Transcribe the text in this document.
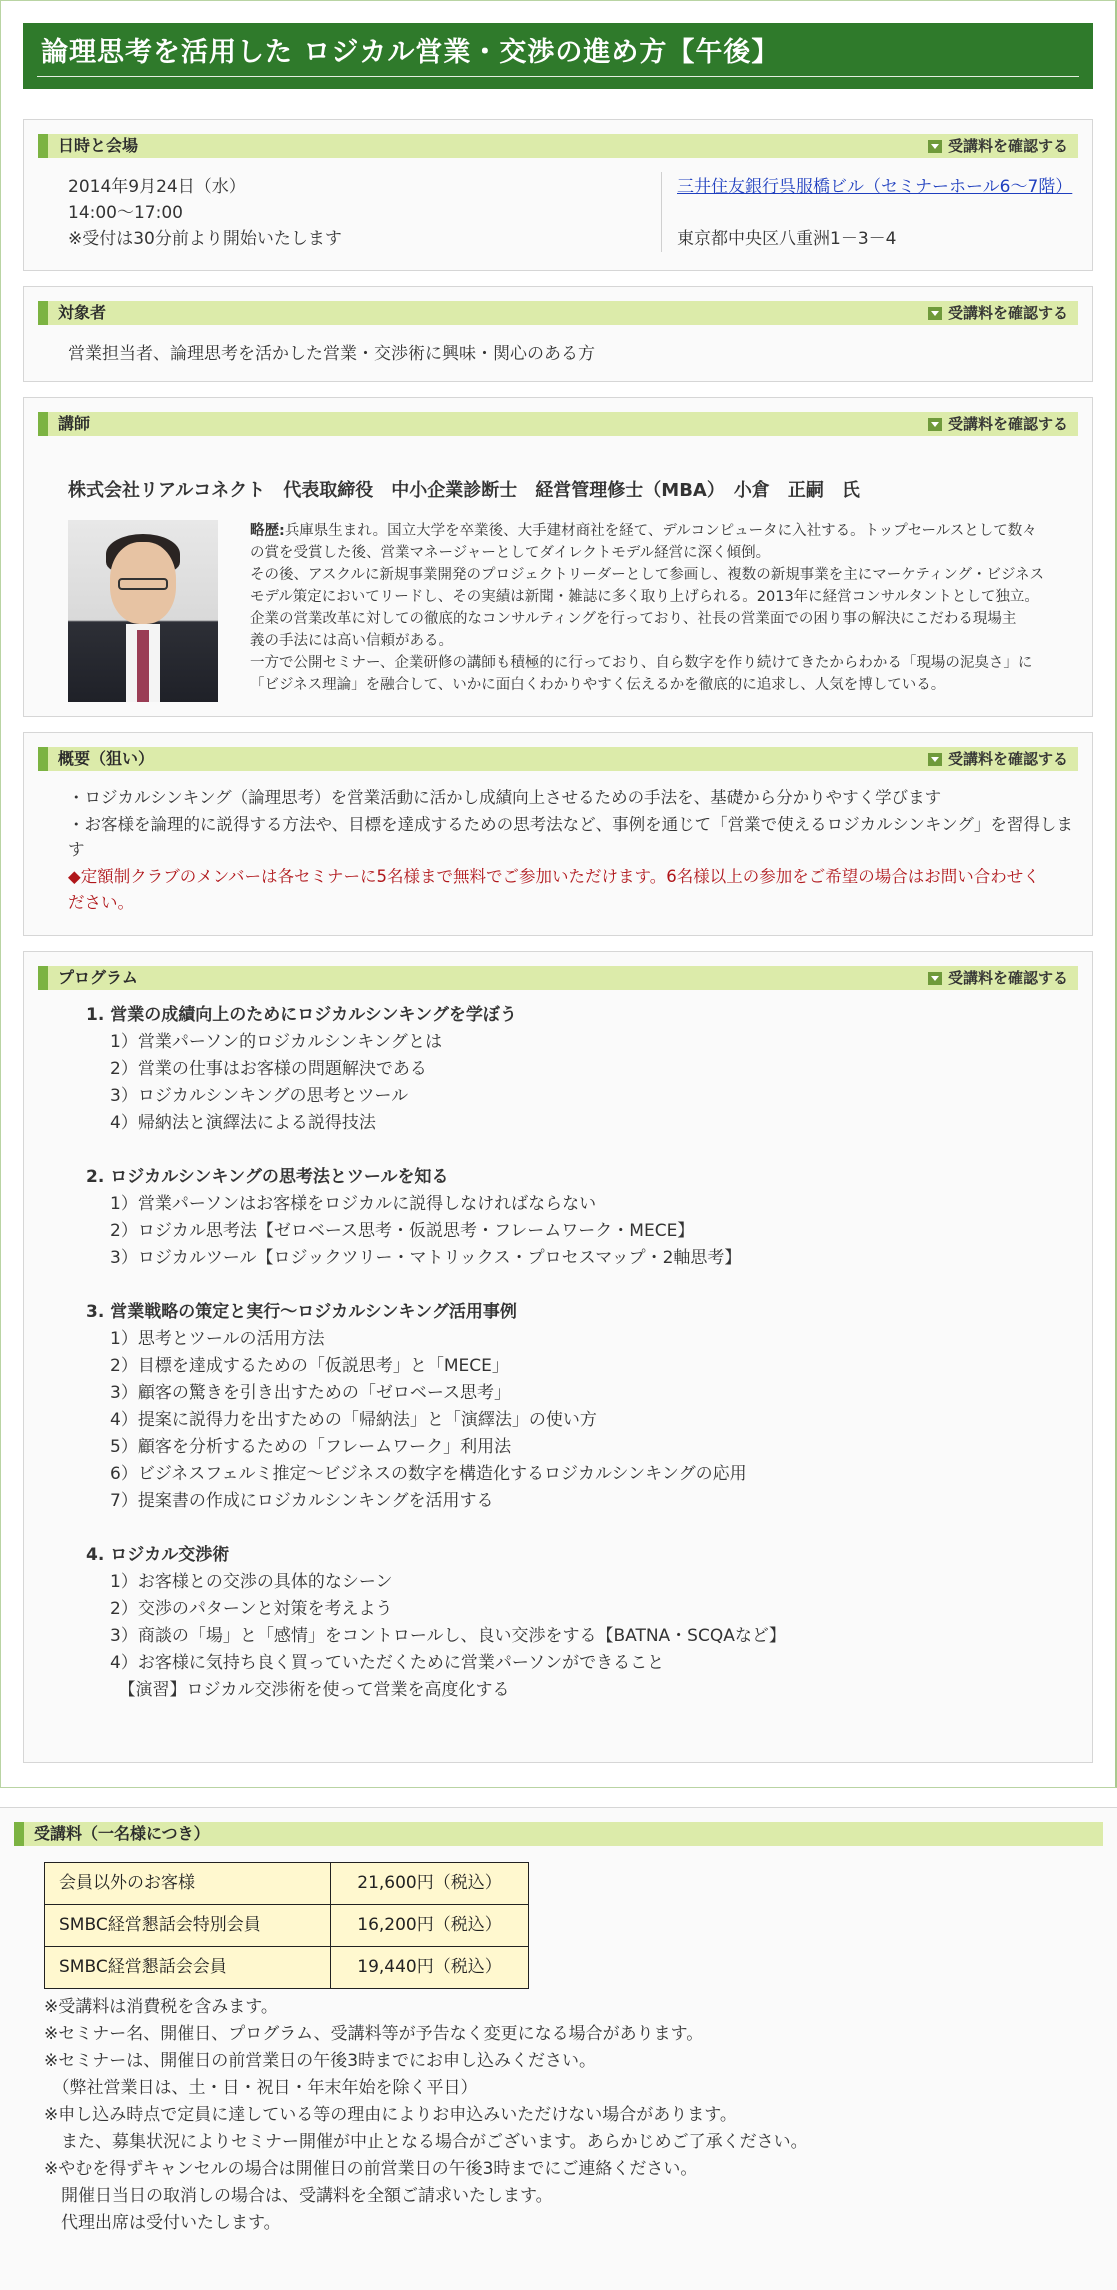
論理思考を活用した ロジカル営業・交渉の進め方【午後】
日時と会場	受講料を確認する
2014年9月24日（水）
14:00～17:00
※受付は30分前より開始いたします
三井住友銀行呉服橋ビル（セミナーホール6～7階）
東京都中央区八重洲1－3－4
対象者	受講料を確認する
営業担当者、論理思考を活かした営業・交渉術に興味・関心のある方
講師	受講料を確認する
株式会社リアルコネクト　代表取締役　中小企業診断士　経営管理修士（MBA）　小倉　正嗣　氏
略歴:兵庫県生まれ。国立大学を卒業後、大手建材商社を経て、デルコンピュータに入社する。トップセールスとして数々
の賞を受賞した後、営業マネージャーとしてダイレクトモデル経営に深く傾倒。
その後、アスクルに新規事業開発のプロジェクトリーダーとして参画し、複数の新規事業を主にマーケティング・ビジネス
モデル策定においてリードし、その実績は新聞・雑誌に多く取り上げられる。2013年に経営コンサルタントとして独立。
企業の営業改革に対しての徹底的なコンサルティングを行っており、社長の営業面での困り事の解決にこだわる現場主
義の手法には高い信頼がある。
一方で公開セミナー、企業研修の講師も積極的に行っており、自ら数字を作り続けてきたからわかる「現場の泥臭さ」に
「ビジネス理論」を融合して、いかに面白くわかりやすく伝えるかを徹底的に追求し、人気を博している。
概要（狙い）	受講料を確認する
・ロジカルシンキング（論理思考）を営業活動に活かし成績向上させるための手法を、基礎から分かりやすく学びます
・お客様を論理的に説得する方法や、目標を達成するための思考法など、事例を通じて「営業で使えるロジカルシンキング」を習得しま
す
◆定額制クラブのメンバーは各セミナーに5名様まで無料でご参加いただけます。6名様以上の参加をご希望の場合はお問い合わせく
ださい。
プログラム	受講料を確認する
1. 営業の成績向上のためにロジカルシンキングを学ぼう
1）営業パーソン的ロジカルシンキングとは
2）営業の仕事はお客様の問題解決である
3）ロジカルシンキングの思考とツール
4）帰納法と演繹法による説得技法
2. ロジカルシンキングの思考法とツールを知る
1）営業パーソンはお客様をロジカルに説得しなければならない
2）ロジカル思考法【ゼロベース思考・仮説思考・フレームワーク・MECE】
3）ロジカルツール【ロジックツリー・マトリックス・プロセスマップ・2軸思考】
3. 営業戦略の策定と実行～ロジカルシンキング活用事例
1）思考とツールの活用方法
2）目標を達成するための「仮説思考」と「MECE」
3）顧客の驚きを引き出すための「ゼロベース思考」
4）提案に説得力を出すための「帰納法」と「演繹法」の使い方
5）顧客を分析するための「フレームワーク」利用法
6）ビジネスフェルミ推定～ビジネスの数字を構造化するロジカルシンキングの応用
7）提案書の作成にロジカルシンキングを活用する
4. ロジカル交渉術
1）お客様との交渉の具体的なシーン
2）交渉のパターンと対策を考えよう
3）商談の「場」と「感情」をコントロールし、良い交渉をする【BATNA・SCQAなど】
4）お客様に気持ち良く買っていただくために営業パーソンができること
　【演習】ロジカル交渉術を使って営業を高度化する
受講料（一名様につき）
会員以外のお客様	21,600円（税込）
SMBC経営懇話会特別会員	16,200円（税込）
SMBC経営懇話会会員	19,440円（税込）
※受講料は消費税を含みます。
※セミナー名、開催日、プログラム、受講料等が予告なく変更になる場合があります。
※セミナーは、開催日の前営業日の午後3時までにお申し込みください。
　（弊社営業日は、土・日・祝日・年末年始を除く平日）
※申し込み時点で定員に達している等の理由によりお申込みいただけない場合があります。
　また、募集状況によりセミナー開催が中止となる場合がございます。あらかじめご了承ください。
※やむを得ずキャンセルの場合は開催日の前営業日の午後3時までにご連絡ください。
　開催日当日の取消しの場合は、受講料を全額ご請求いたします。
　代理出席は受付いたします。
